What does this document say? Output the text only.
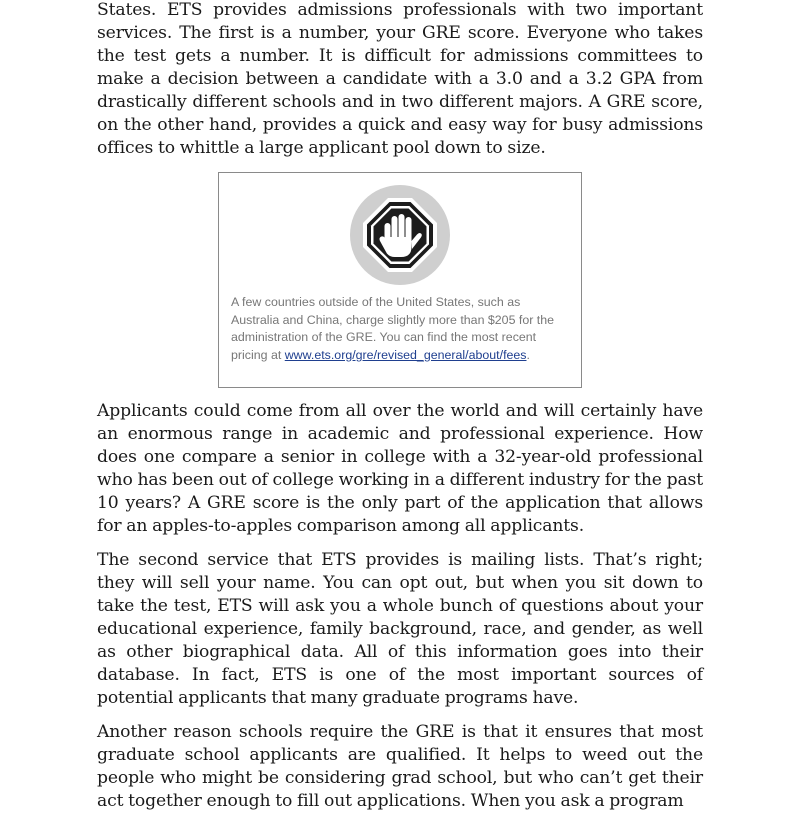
States. ETS provides admissions professionals with two important services. The first is a number, your GRE score. Everyone who takes the test gets a number. It is difficult for admissions committees to make a decision between a candidate with a 3.0 and a 3.2 GPA from drastically different schools and in two different majors. A GRE score, on the other hand, provides a quick and easy way for busy admissions offices to whittle a large applicant pool down to size.

A few countries outside of the United States, such as Australia and China, charge slightly more than $205 for the administration of the GRE. You can find the most recent pricing at www.ets.org/gre/revised_general/about/fees.

Applicants could come from all over the world and will certainly have an enormous range in academic and professional experience. How does one compare a senior in college with a 32-year-old professional who has been out of college working in a different industry for the past 10 years? A GRE score is the only part of the application that allows for an apples-to-apples comparison among all applicants.

The second service that ETS provides is mailing lists. That’s right; they will sell your name. You can opt out, but when you sit down to take the test, ETS will ask you a whole bunch of questions about your educational experience, family background, race, and gender, as well as other biographical data. All of this information goes into their database. In fact, ETS is one of the most important sources of potential applicants that many graduate programs have.

Another reason schools require the GRE is that it ensures that most graduate school applicants are qualified. It helps to weed out the people who might be considering grad school, but who can’t get their act together enough to fill out applications. When you ask a program
